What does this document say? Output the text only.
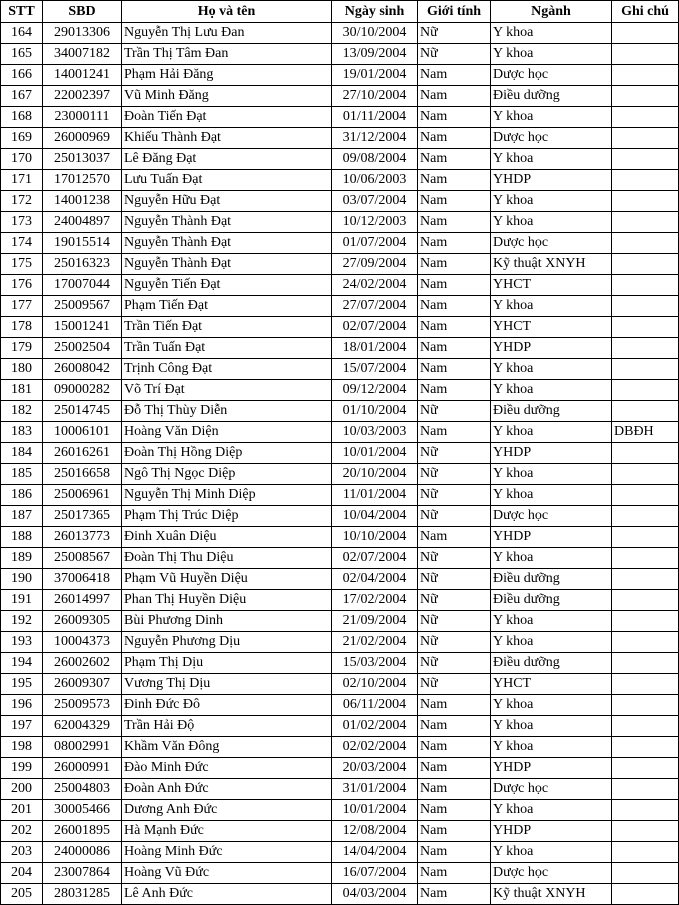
STT	SBD	Họ và tên	Ngày sinh	Giới tính	Ngành	Ghi chú
164	29013306	Nguyễn Thị Lưu Đan	30/10/2004	Nữ	Y khoa	
165	34007182	Trần Thị Tâm Đan	13/09/2004	Nữ	Y khoa	
166	14001241	Phạm Hải Đăng	19/01/2004	Nam	Dược học	
167	22002397	Vũ Minh Đăng	27/10/2004	Nam	Điều dưỡng	
168	23000111	Đoàn Tiến Đạt	01/11/2004	Nam	Y khoa	
169	26000969	Khiếu Thành Đạt	31/12/2004	Nam	Dược học	
170	25013037	Lê Đăng Đạt	09/08/2004	Nam	Y khoa	
171	17012570	Lưu Tuấn Đạt	10/06/2003	Nam	YHDP	
172	14001238	Nguyễn Hữu Đạt	03/07/2004	Nam	Y khoa	
173	24004897	Nguyễn Thành Đạt	10/12/2003	Nam	Y khoa	
174	19015514	Nguyễn Thành Đạt	01/07/2004	Nam	Dược học	
175	25016323	Nguyễn Thành Đạt	27/09/2004	Nam	Kỹ thuật XNYH	
176	17007044	Nguyễn Tiến Đạt	24/02/2004	Nam	YHCT	
177	25009567	Phạm Tiến Đạt	27/07/2004	Nam	Y khoa	
178	15001241	Trần Tiến Đạt	02/07/2004	Nam	YHCT	
179	25002504	Trần Tuấn Đạt	18/01/2004	Nam	YHDP	
180	26008042	Trịnh Công Đạt	15/07/2004	Nam	Y khoa	
181	09000282	Võ Trí Đạt	09/12/2004	Nam	Y khoa	
182	25014745	Đỗ Thị Thùy Diễn	01/10/2004	Nữ	Điều dưỡng	
183	10006101	Hoàng Văn Diện	10/03/2003	Nam	Y khoa	DBĐH
184	26016261	Đoàn Thị Hồng Diệp	10/01/2004	Nữ	YHDP	
185	25016658	Ngô Thị Ngọc Diệp	20/10/2004	Nữ	Y khoa	
186	25006961	Nguyễn Thị Minh Diệp	11/01/2004	Nữ	Y khoa	
187	25017365	Phạm Thị Trúc Diệp	10/04/2004	Nữ	Dược học	
188	26013773	Đinh Xuân Diệu	10/10/2004	Nam	YHDP	
189	25008567	Đoàn Thị Thu Diệu	02/07/2004	Nữ	Y khoa	
190	37006418	Phạm Vũ Huyền Diệu	02/04/2004	Nữ	Điều dưỡng	
191	26014997	Phan Thị Huyền Diệu	17/02/2004	Nữ	Điều dưỡng	
192	26009305	Bùi Phương Dinh	21/09/2004	Nữ	Y khoa	
193	10004373	Nguyễn Phương Dịu	21/02/2004	Nữ	Y khoa	
194	26002602	Phạm Thị Dịu	15/03/2004	Nữ	Điều dưỡng	
195	26009307	Vương Thị Dịu	02/10/2004	Nữ	YHCT	
196	25009573	Đinh Đức Đô	06/11/2004	Nam	Y khoa	
197	62004329	Trần Hải Độ	01/02/2004	Nam	Y khoa	
198	08002991	Khầm Văn Đông	02/02/2004	Nam	Y khoa	
199	26000991	Đào Minh Đức	20/03/2004	Nam	YHDP	
200	25004803	Đoàn Anh Đức	31/01/2004	Nam	Dược học	
201	30005466	Dương Anh Đức	10/01/2004	Nam	Y khoa	
202	26001895	Hà Mạnh Đức	12/08/2004	Nam	YHDP	
203	24000086	Hoàng Minh Đức	14/04/2004	Nam	Y khoa	
204	23007864	Hoàng Vũ Đức	16/07/2004	Nam	Dược học	
205	28031285	Lê Anh Đức	04/03/2004	Nam	Kỹ thuật XNYH	
